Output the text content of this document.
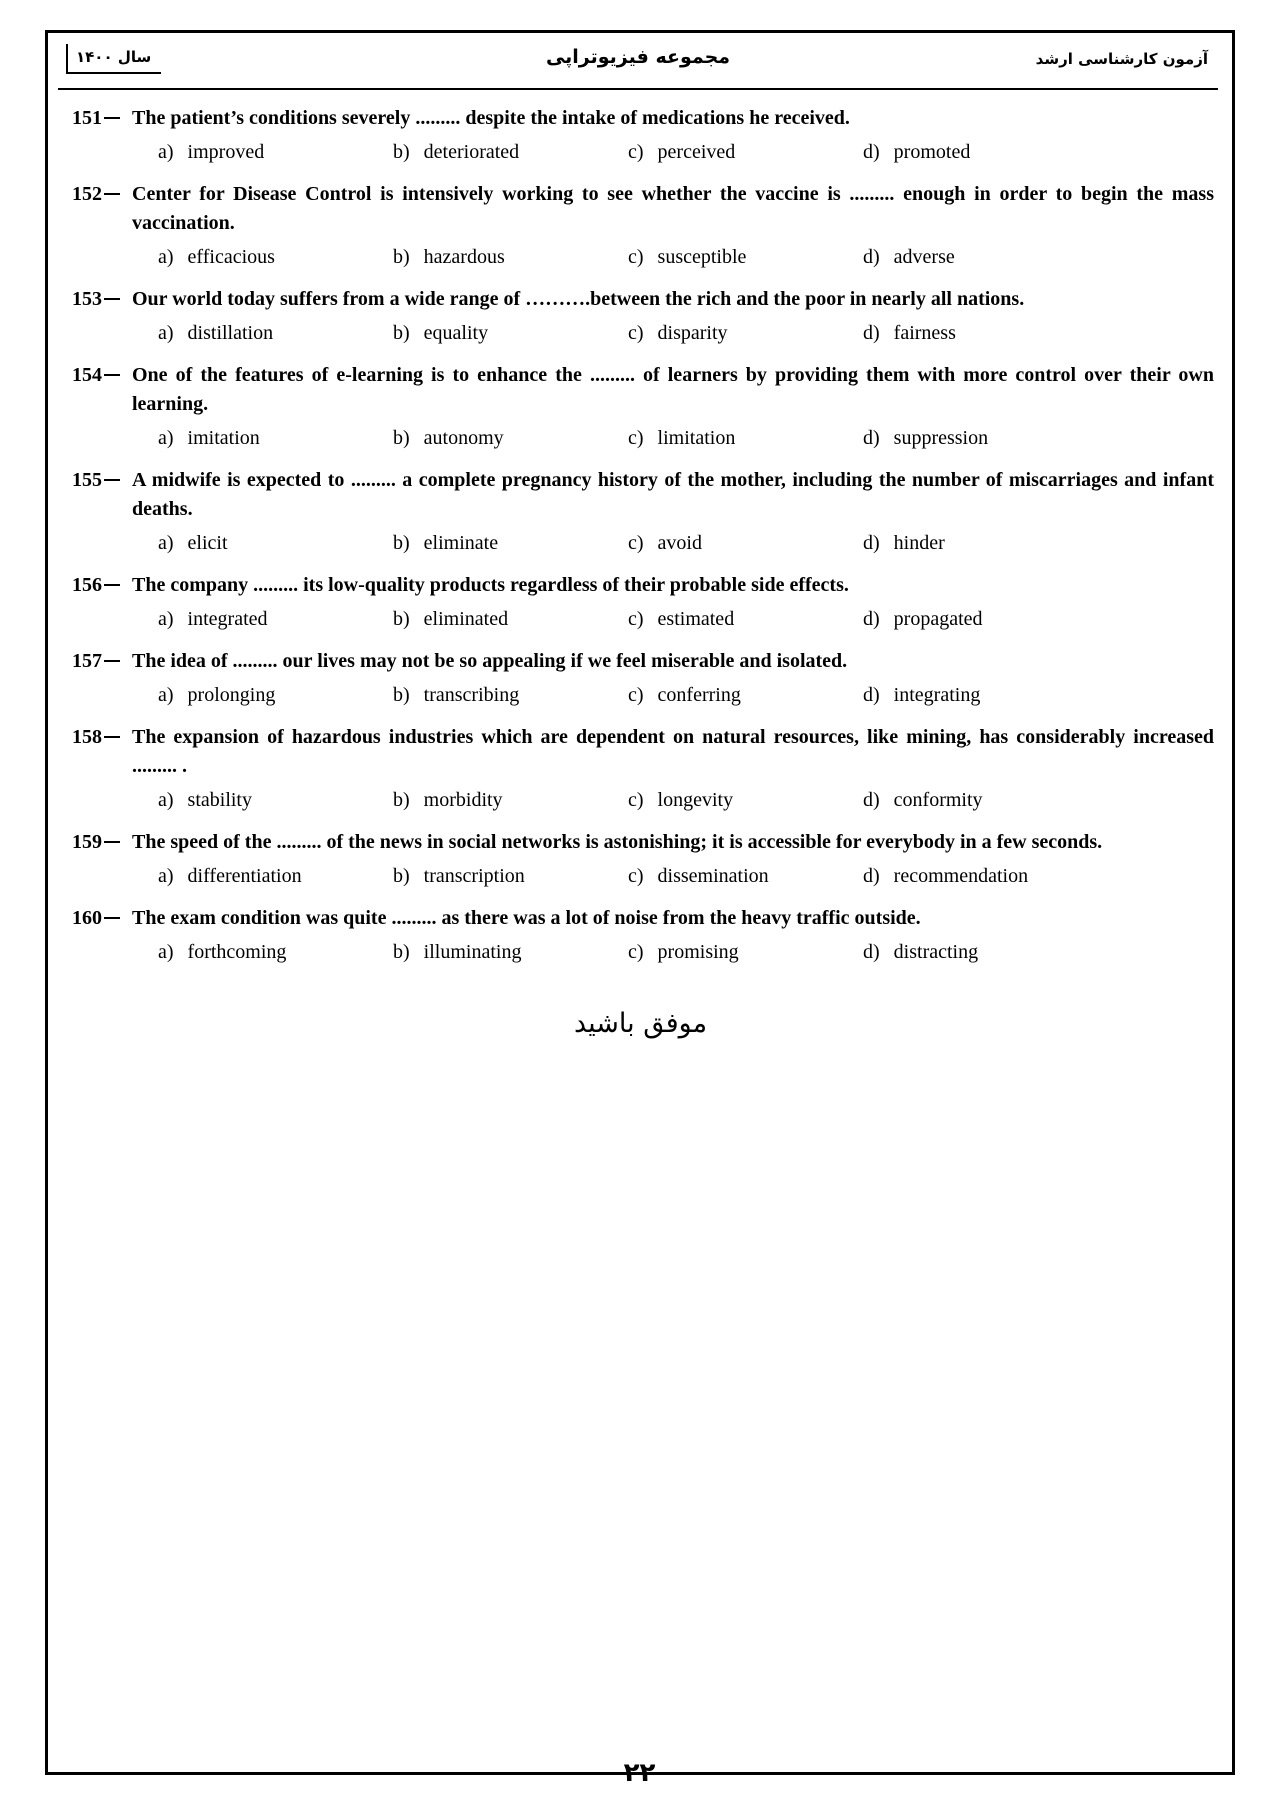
آزمون کارشناسی ارشد
مجموعه فیزیوتراپی
سال ۱۴۰۰
151	The patient’s conditions severely ......... despite the intake of medications he received.
a) improved	b) deteriorated	c) perceived	d) promoted
152	Center for Disease Control is intensively working to see whether the vaccine is ......... enough in order to begin the mass vaccination.
a) efficacious	b) hazardous	c) susceptible	d) adverse
153	Our world today suffers from a wide range of ……….between the rich and the poor in nearly all nations.
a) distillation	b) equality	c) disparity	d) fairness
154	One of the features of e-learning is to enhance the ......... of learners by providing them with more control over their own learning.
a) imitation	b) autonomy	c) limitation	d) suppression
155	A midwife is expected to ......... a complete pregnancy history of the mother, including the number of miscarriages and infant deaths.
a) elicit	b) eliminate	c) avoid	d) hinder
156	The company ......... its low-quality products regardless of their probable side effects.
a) integrated	b) eliminated	c) estimated	d) propagated
157	The idea of ......... our lives may not be so appealing if we feel miserable and isolated.
a) prolonging	b) transcribing	c) conferring	d) integrating
158	The expansion of hazardous industries which are dependent on natural resources, like mining, has considerably increased ......... .
a) stability	b) morbidity	c) longevity	d) conformity
159	The speed of the ......... of the news in social networks is astonishing; it is accessible for everybody in a few seconds.
a) differentiation	b) transcription	c) dissemination	d) recommendation
160	The exam condition was quite ......... as there was a lot of noise from the heavy traffic outside.
a) forthcoming	b) illuminating	c) promising	d) distracting
موفق باشید
۲۲
